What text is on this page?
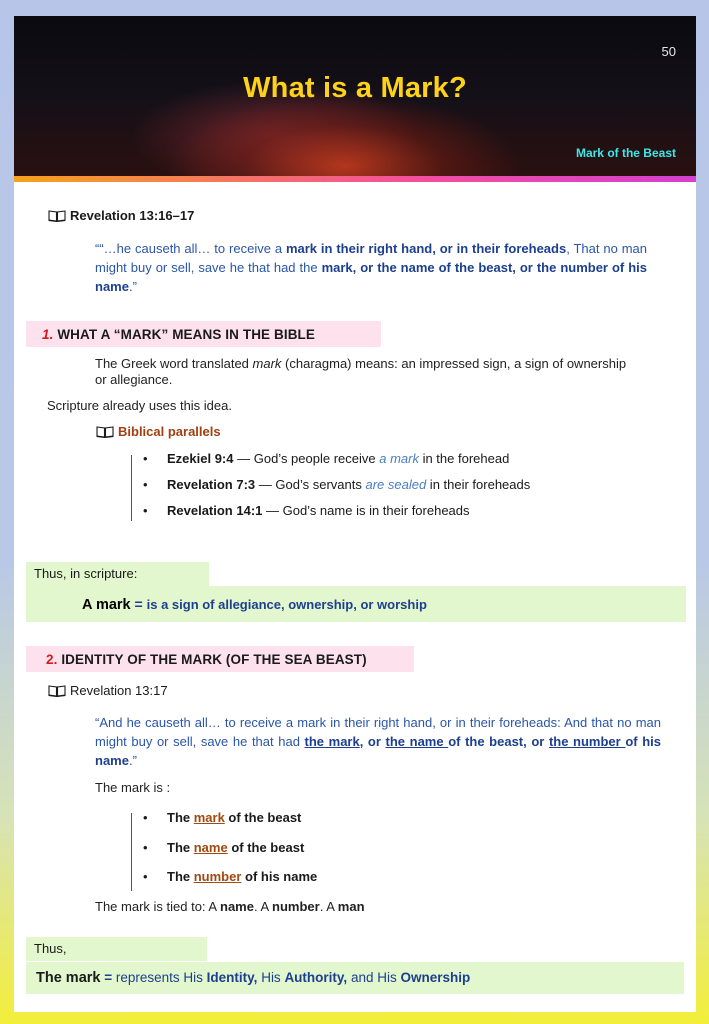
50
What is a Mark?
Mark of the Beast
Revelation 13:16–17
““…he causeth all… to receive a mark in their right hand, or in their foreheads, That no man might buy or sell, save he that had the mark, or the name of the beast, or the number of his name.”
1. WHAT A “MARK” MEANS IN THE BIBLE
The Greek word translated mark (charagma) means: an impressed sign, a sign of ownership or allegiance.
Scripture already uses this idea.
Biblical parallels
•	Ezekiel 9:4 — God’s people receive a mark in the forehead
•	Revelation 7:3 — God’s servants are sealed in their foreheads
•	Revelation 14:1 — God’s name is in their foreheads
Thus, in scripture:
A mark = is a sign of allegiance, ownership, or worship
2. IDENTITY OF THE MARK (OF THE SEA BEAST)
Revelation 13:17
“And he causeth all… to receive a mark in their right hand, or in their foreheads: And that no man might buy or sell, save he that had the mark, or the name of the beast, or the number of his name.”
The mark is :
•	The mark of the beast
•	The name of the beast
•	The number of his name
The mark is tied to: A name. A number. A man
Thus,
The mark = represents His Identity, His Authority, and His Ownership
